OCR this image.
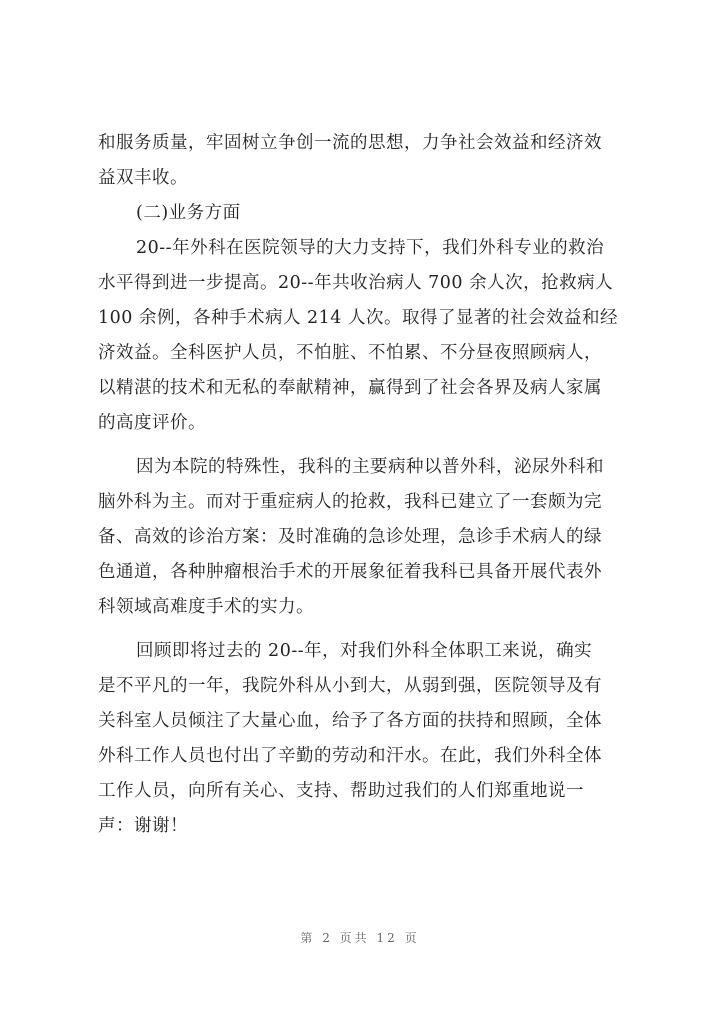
和服务质量，牢固树立争创一流的思想，力争社会效益和经济效
益双丰收。

(二)业务方面

20--年外科在医院领导的大力支持下，我们外科专业的救治
水平得到进一步提高。20--年共收治病人 700 余人次，抢救病人
100 余例，各种手术病人 214 人次。取得了显著的社会效益和经
济效益。全科医护人员，不怕脏、不怕累、不分昼夜照顾病人，
以精湛的技术和无私的奉献精神，赢得到了社会各界及病人家属
的高度评价。

因为本院的特殊性，我科的主要病种以普外科，泌尿外科和
脑外科为主。而对于重症病人的抢救，我科已建立了一套颇为完
备、高效的诊治方案：及时准确的急诊处理，急诊手术病人的绿
色通道，各种肿瘤根治手术的开展象征着我科已具备开展代表外
科领域高难度手术的实力。

回顾即将过去的 20--年，对我们外科全体职工来说，确实
是不平凡的一年，我院外科从小到大，从弱到强，医院领导及有
关科室人员倾注了大量心血，给予了各方面的扶持和照顾，全体
外科工作人员也付出了辛勤的劳动和汗水。在此，我们外科全体
工作人员，向所有关心、支持、帮助过我们的人们郑重地说一
声：谢谢！

第 2 页共 12 页
